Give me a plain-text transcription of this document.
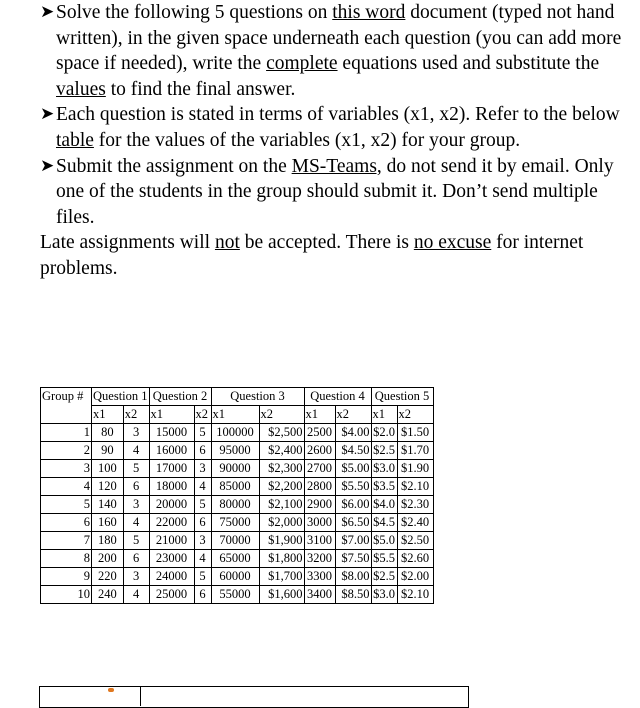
➤ Solve the following 5 questions on this word document (typed not hand written), in the given space underneath each question (you can add more space if needed), write the complete equations used and substitute the values to find the final answer.
➤ Each question is stated in terms of variables (x1, x2). Refer to the below table for the values of the variables (x1, x2) for your group.
➤ Submit the assignment on the MS-Teams, do not send it by email. Only one of the students in the group should submit it. Don’t send multiple files.
Late assignments will not be accepted. There is no excuse for internet problems.
Group #	Question 1		Question 2		Question 3		Question 4		Question 5	
	x1	x2	x1	x2	x1	x2	x1	x2	x1	x2
1	80	3	15000	5	100000	$2,500	2500	$4.00	$2.0	$1.50
2	90	4	16000	6	95000	$2,400	2600	$4.50	$2.5	$1.70
3	100	5	17000	3	90000	$2,300	2700	$5.00	$3.0	$1.90
4	120	6	18000	4	85000	$2,200	2800	$5.50	$3.5	$2.10
5	140	3	20000	5	80000	$2,100	2900	$6.00	$4.0	$2.30
6	160	4	22000	6	75000	$2,000	3000	$6.50	$4.5	$2.40
7	180	5	21000	3	70000	$1,900	3100	$7.00	$5.0	$2.50
8	200	6	23000	4	65000	$1,800	3200	$7.50	$5.5	$2.60
9	220	3	24000	5	60000	$1,700	3300	$8.00	$2.5	$2.00
10	240	4	25000	6	55000	$1,600	3400	$8.50	$3.0	$2.10
